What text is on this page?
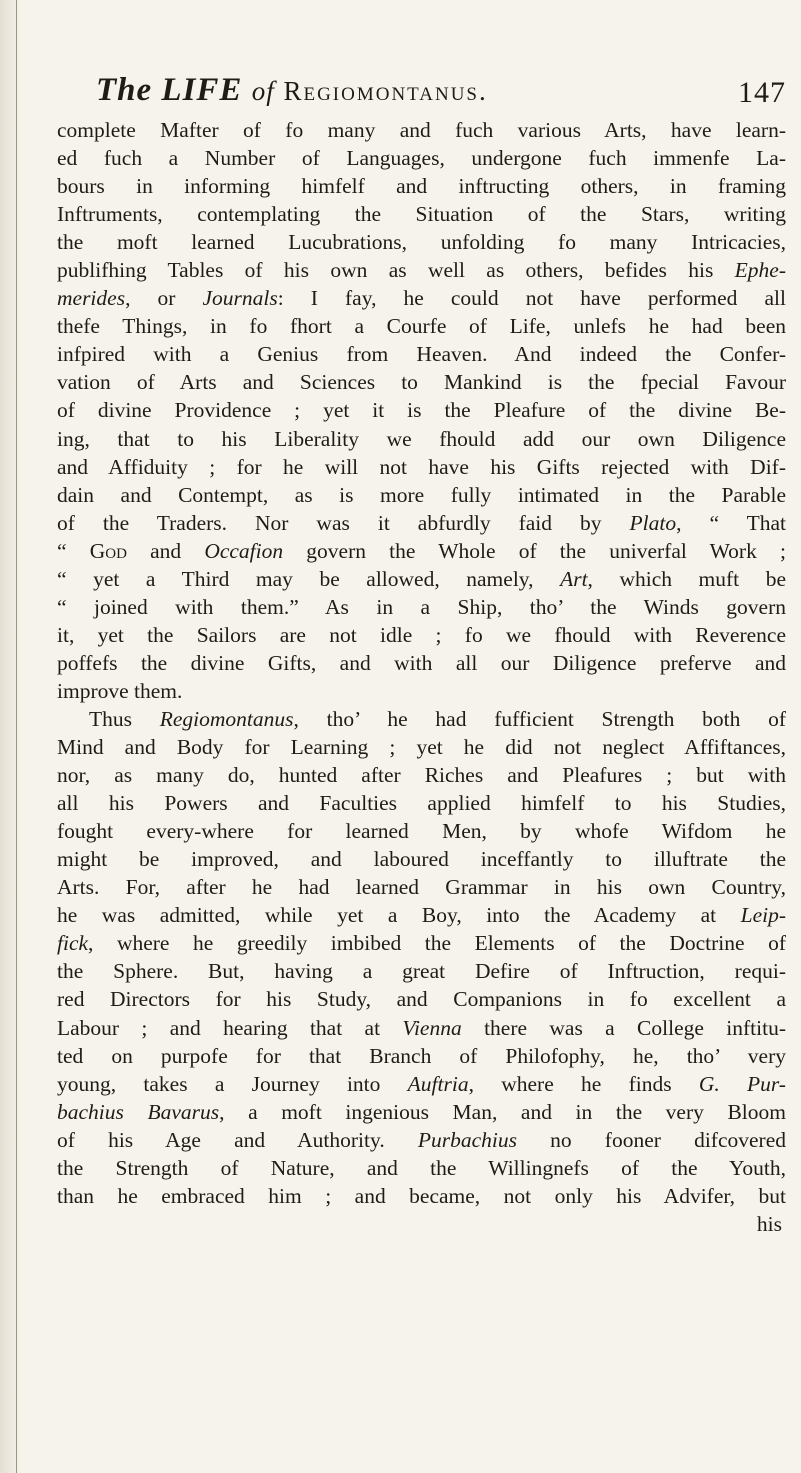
The LIFE of Regiomontanus.	147
complete Mafter of fo many and fuch various Arts, have learn-
ed fuch a Number of Languages, undergone fuch immenfe La-
bours in informing himfelf and inftructing others, in framing
Inftruments, contemplating the Situation of the Stars, writing
the moft learned Lucubrations, unfolding fo many Intricacies,
publifhing Tables of his own as well as others, befides his Ephe-
merides, or Journals: I fay, he could not have performed all
thefe Things, in fo fhort a Courfe of Life, unlefs he had been
infpired with a Genius from Heaven. And indeed the Confer-
vation of Arts and Sciences to Mankind is the fpecial Favour
of divine Providence ; yet it is the Pleafure of the divine Be-
ing, that to his Liberality we fhould add our own Diligence
and Affiduity ; for he will not have his Gifts rejected with Dif-
dain and Contempt, as is more fully intimated in the Parable
of the Traders. Nor was it abfurdly faid by Plato, “ That
“ God and Occafion govern the Whole of the univerfal Work ;
“ yet a Third may be allowed, namely, Art, which muft be
“ joined with them.” As in a Ship, tho’ the Winds govern
it, yet the Sailors are not idle ; fo we fhould with Reverence
poffefs the divine Gifts, and with all our Diligence preferve and
improve them.
Thus Regiomontanus, tho’ he had fufficient Strength both of
Mind and Body for Learning ; yet he did not neglect Affiftances,
nor, as many do, hunted after Riches and Pleafures ; but with
all his Powers and Faculties applied himfelf to his Studies,
fought every-where for learned Men, by whofe Wifdom he
might be improved, and laboured inceffantly to illuftrate the
Arts. For, after he had learned Grammar in his own Country,
he was admitted, while yet a Boy, into the Academy at Leip-
fick, where he greedily imbibed the Elements of the Doctrine of
the Sphere. But, having a great Defire of Inftruction, requi-
red Directors for his Study, and Companions in fo excellent a
Labour ; and hearing that at Vienna there was a College inftitu-
ted on purpofe for that Branch of Philofophy, he, tho’ very
young, takes a Journey into Auftria, where he finds G. Pur-
bachius Bavarus, a moft ingenious Man, and in the very Bloom
of his Age and Authority. Purbachius no fooner difcovered
the Strength of Nature, and the Willingnefs of the Youth,
than he embraced him ; and became, not only his Advifer, but
his
